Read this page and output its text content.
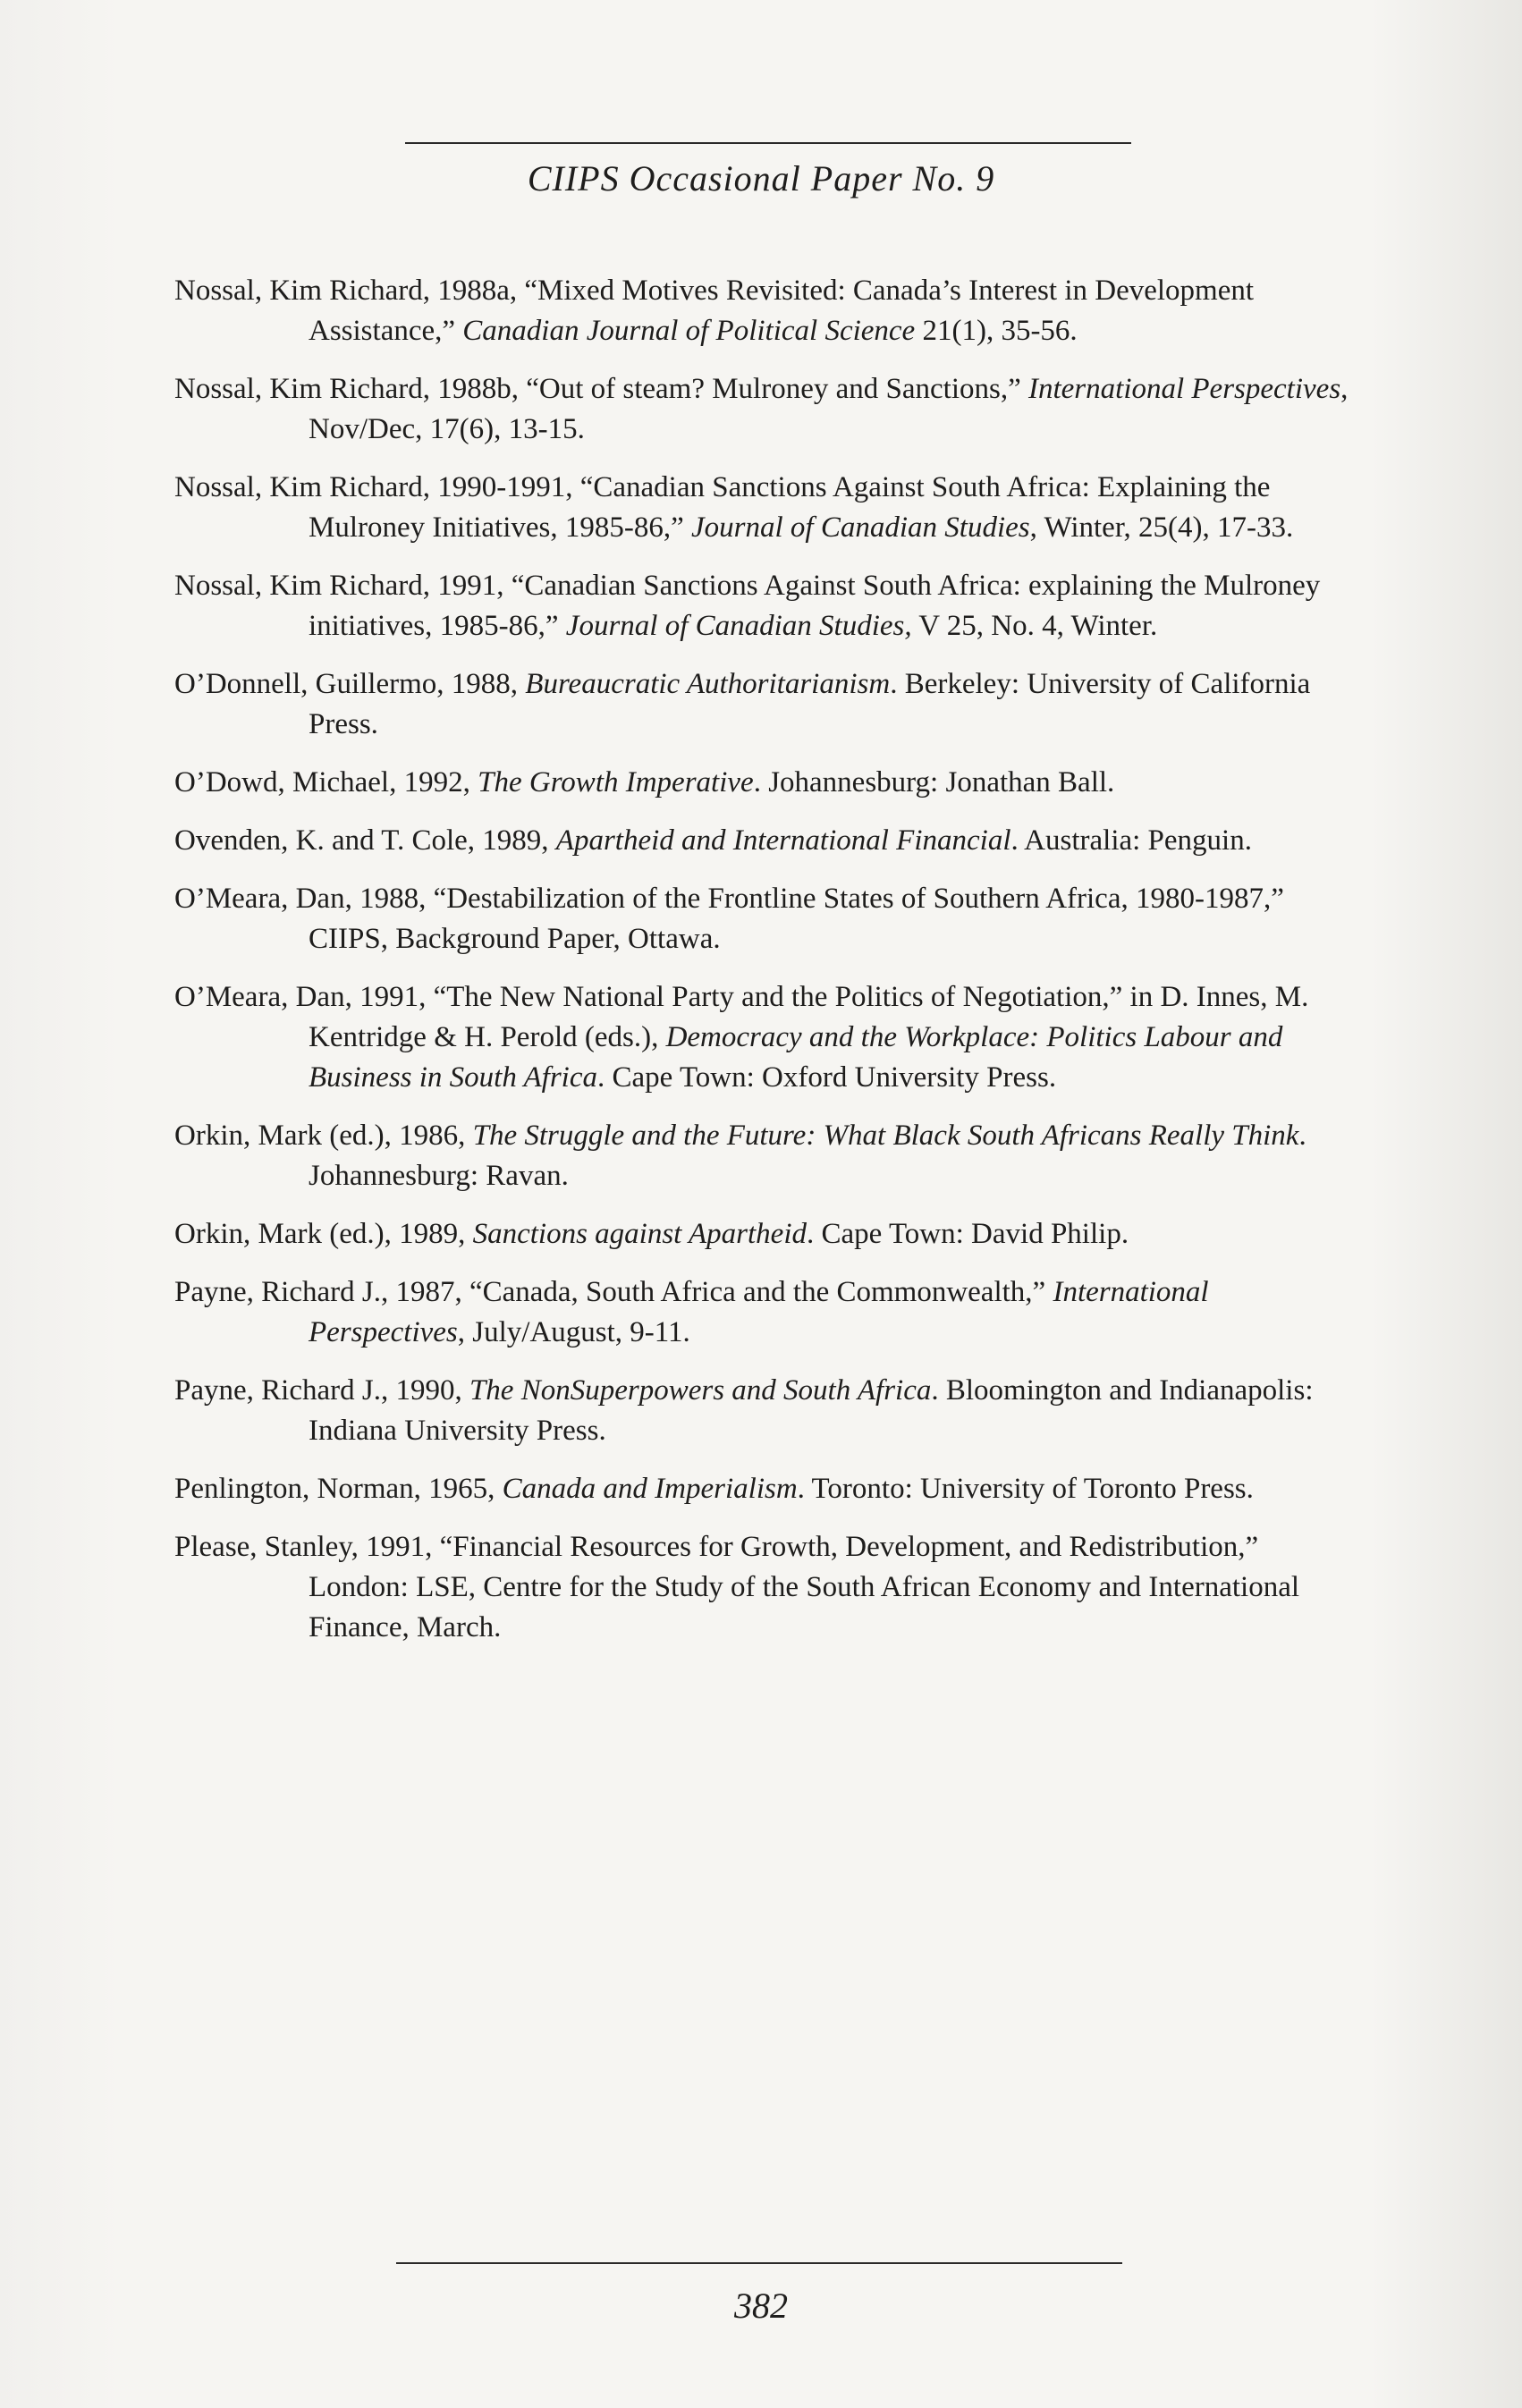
CIIPS Occasional Paper No. 9

Nossal, Kim Richard, 1988a, “Mixed Motives Revisited: Canada’s Interest in Development Assistance,” Canadian Journal of Political Science 21(1), 35-56.

Nossal, Kim Richard, 1988b, “Out of steam? Mulroney and Sanctions,” International Perspectives, Nov/Dec, 17(6), 13-15.

Nossal, Kim Richard, 1990-1991, “Canadian Sanctions Against South Africa: Explaining the Mulroney Initiatives, 1985-86,” Journal of Canadian Studies, Winter, 25(4), 17-33.

Nossal, Kim Richard, 1991, “Canadian Sanctions Against South Africa: explaining the Mulroney initiatives, 1985-86,” Journal of Canadian Studies, V 25, No. 4, Winter.

O’Donnell, Guillermo, 1988, Bureaucratic Authoritarianism. Berkeley: University of California Press.

O’Dowd, Michael, 1992, The Growth Imperative. Johannesburg: Jonathan Ball.

Ovenden, K. and T. Cole, 1989, Apartheid and International Financial. Australia: Penguin.

O’Meara, Dan, 1988, “Destabilization of the Frontline States of Southern Africa, 1980-1987,” CIIPS, Background Paper, Ottawa.

O’Meara, Dan, 1991, “The New National Party and the Politics of Negotiation,” in D. Innes, M. Kentridge & H. Perold (eds.), Democracy and the Workplace: Politics Labour and Business in South Africa. Cape Town: Oxford University Press.

Orkin, Mark (ed.), 1986, The Struggle and the Future: What Black South Africans Really Think. Johannesburg: Ravan.

Orkin, Mark (ed.), 1989, Sanctions against Apartheid. Cape Town: David Philip.

Payne, Richard J., 1987, “Canada, South Africa and the Commonwealth,” International Perspectives, July/August, 9-11.

Payne, Richard J., 1990, The NonSuperpowers and South Africa. Bloomington and Indianapolis: Indiana University Press.

Penlington, Norman, 1965, Canada and Imperialism. Toronto: University of Toronto Press.

Please, Stanley, 1991, “Financial Resources for Growth, Development, and Redistribution,” London: LSE, Centre for the Study of the South African Economy and International Finance, March.

382
